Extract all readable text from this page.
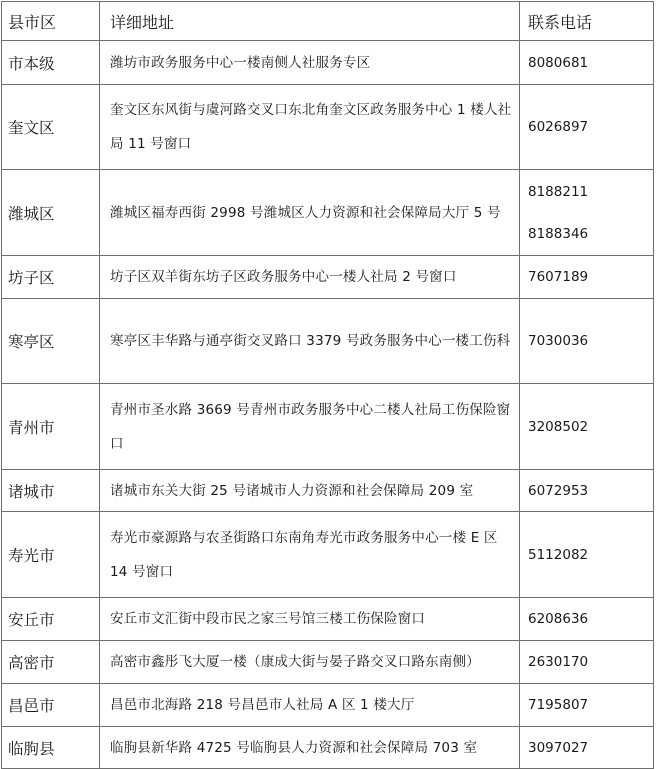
县市区	详细地址	联系电话
市本级	潍坊市政务服务中心一楼南侧人社服务专区	8080681

奎文区	奎文区东风街与虞河路交叉口东北角奎文区政务服务中心 1 楼人社局 11 号窗口	6026897

潍城区	潍城区福寿西街 2998 号潍城区人力资源和社会保障局大厅 5 号	8188211
8188346

坊子区	坊子区双羊街东坊子区政务服务中心一楼人社局 2 号窗口	7607189

寒亭区	寒亭区丰华路与通亭街交叉路口 3379 号政务服务中心一楼工伤科	7030036

青州市	青州市圣水路 3669 号青州市政务服务中心二楼人社局工伤保险窗口	3208502

诸城市	诸城市东关大街 25 号诸城市人力资源和社会保障局 209 室	6072953

寿光市	寿光市豪源路与农圣街路口东南角寿光市政务服务中心一楼 E 区 14 号窗口	5112082

安丘市	安丘市文汇街中段市民之家三号馆三楼工伤保险窗口	6208636

高密市	高密市鑫彤飞大厦一楼（康成大街与晏子路交叉口路东南侧）	2630170

昌邑市	昌邑市北海路 218 号昌邑市人社局 A 区 1 楼大厅	7195807

临朐县	临朐县新华路 4725 号临朐县人力资源和社会保障局 703 室	3097027
